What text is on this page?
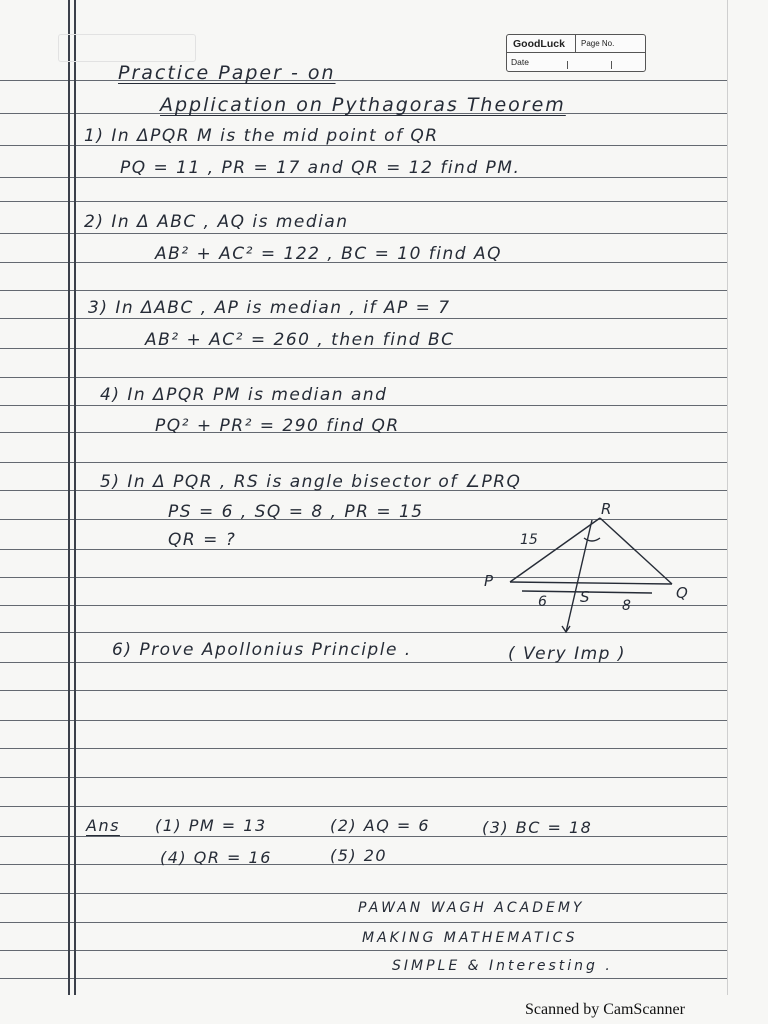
GoodLuck Page No.
Date
Practice Paper - on
Application on Pythagoras Theorem
1) In ΔPQR M is the mid point of QR
PQ = 11 , PR = 17 and QR = 12 find PM.
2) In Δ ABC , AQ is median
AB² + AC² = 122 , BC = 10 find AQ
3) In ΔABC , AP is median , if AP = 7
AB² + AC² = 260 , then find BC
4) In ΔPQR PM is median and
PQ² + PR² = 290 find QR
5) In Δ PQR , RS is angle bisector of ∠PRQ
PS = 6 , SQ = 8 , PR = 15
QR = ?
R
P
Q
S
15
6	8
6) Prove Apollonius Principle .	( Very Imp )
Ans (1) PM = 13	(2) AQ = 6	(3) BC = 18
(4) QR = 16	(5) 20
PAWAN WAGH ACADEMY
MAKING MATHEMATICS
SIMPLE & Interesting .
Scanned by CamScanner
